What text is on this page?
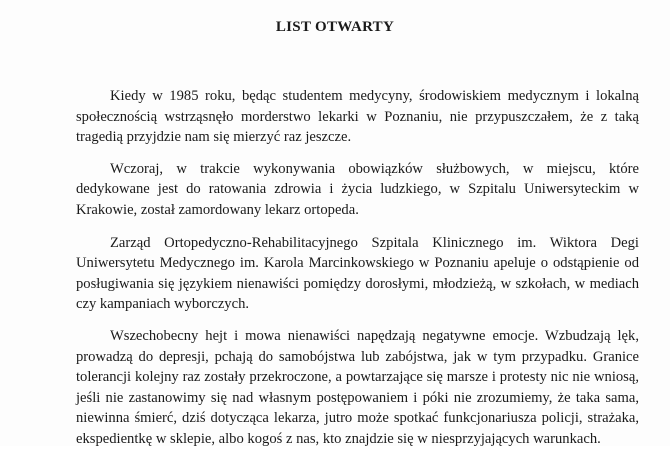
LIST OTWARTY

Kiedy w 1985 roku, będąc studentem medycyny, środowiskiem medycznym i lokalną społecznością wstrząsnęło morderstwo lekarki w Poznaniu, nie przypuszczałem, że z taką tragedią przyjdzie nam się mierzyć raz jeszcze.

Wczoraj, w trakcie wykonywania obowiązków służbowych, w miejscu, które dedykowane jest do ratowania zdrowia i życia ludzkiego, w Szpitalu Uniwersyteckim w Krakowie, został zamordowany lekarz ortopeda.

Zarząd Ortopedyczno-Rehabilitacyjnego Szpitala Klinicznego im. Wiktora Degi Uniwersytetu Medycznego im. Karola Marcinkowskiego w Poznaniu apeluje o odstąpienie od posługiwania się językiem nienawiści pomiędzy dorosłymi, młodzieżą, w szkołach, w mediach czy kampaniach wyborczych.

Wszechobecny hejt i mowa nienawiści napędzają negatywne emocje. Wzbudzają lęk, prowadzą do depresji, pchają do samobójstwa lub zabójstwa, jak w tym przypadku. Granice tolerancji kolejny raz zostały przekroczone, a powtarzające się marsze i protesty nic nie wniosą, jeśli nie zastanowimy się nad własnym postępowaniem i póki nie zrozumiemy, że taka sama, niewinna śmierć, dziś dotycząca lekarza, jutro może spotkać funkcjonariusza policji, strażaka, ekspedientkę w sklepie, albo kogoś z nas, kto znajdzie się w niesprzyjających warunkach.
